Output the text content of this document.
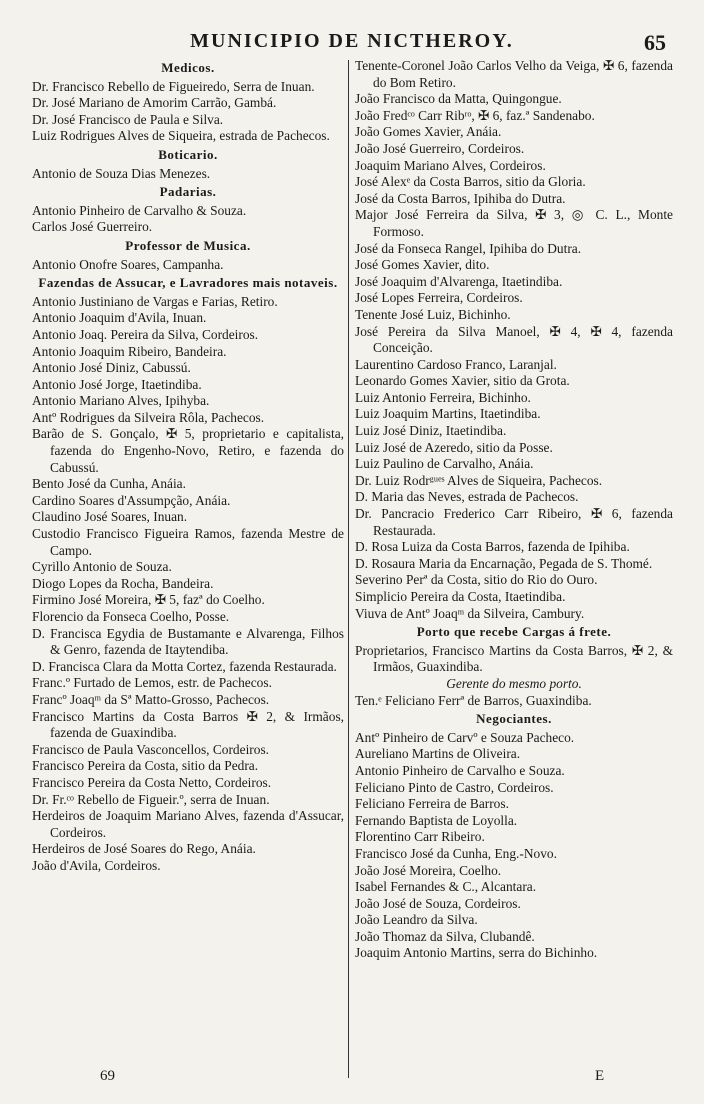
MUNICIPIO DE NICTHEROY.	65
Medicos.
Dr. Francisco Rebello de Figueiredo, Serra de Inuan.
Dr. José Mariano de Amorim Carrão, Gambá.
Dr. José Francisco de Paula e Silva.
Luiz Rodrigues Alves de Siqueira, estrada de Pachecos.
Boticario.
Antonio de Souza Dias Menezes.
Padarias.
Antonio Pinheiro de Carvalho & Souza.
Carlos José Guerreiro.
Professor de Musica.
Antonio Onofre Soares, Campanha.
Fazendas de Assucar, e Lavradores mais notaveis.
Antonio Justiniano de Vargas e Farias, Retiro.
Antonio Joaquim d'Avila, Inuan.
Antonio Joaq. Pereira da Silva, Cordeiros.
Antonio Joaquim Ribeiro, Bandeira.
Antonio José Diniz, Cabussú.
Antonio José Jorge, Itaetindiba.
Antonio Mariano Alves, Ipihyba.
Antº Rodrigues da Silveira Rôla, Pachecos.
Barão de S. Gonçalo, ✠ 5, proprietario e capitalista, fazenda do Engenho-Novo, Retiro, e fazenda do Cabussú.
Bento José da Cunha, Anáia.
Cardino Soares d'Assumpção, Anáia.
Claudino José Soares, Inuan.
Custodio Francisco Figueira Ramos, fazenda Mestre de Campo.
Cyrillo Antonio de Souza.
Diogo Lopes da Rocha, Bandeira.
Firmino José Moreira, ✠ 5, fazª do Coelho.
Florencio da Fonseca Coelho, Posse.
D. Francisca Egydia de Bustamante e Alvarenga, Filhos & Genro, fazenda de Itaytendiba.
D. Francisca Clara da Motta Cortez, fazenda Restaurada.
Franc.º Furtado de Lemos, estr. de Pachecos.
Francº Joaqᵐ da Sª Matto-Grosso, Pachecos.
Francisco Martins da Costa Barros ✠ 2, & Irmãos, fazenda de Guaxindiba.
Francisco de Paula Vasconcellos, Cordeiros.
Francisco Pereira da Costa, sitio da Pedra.
Francisco Pereira da Costa Netto, Cordeiros.
Dr. Fr.ᶜᵒ Rebello de Figueir.º, serra de Inuan.
Herdeiros de Joaquim Mariano Alves, fazenda d'Assucar, Cordeiros.
Herdeiros de José Soares do Rego, Anáia.
João d'Avila, Cordeiros.
Tenente-Coronel João Carlos Velho da Veiga, ✠ 6, fazenda do Bom Retiro.
João Francisco da Matta, Quingongue.
João Fredᶜᵒ Carr Ribʳᵒ, ✠ 6, faz.ª Sandenabo.
João Gomes Xavier, Anáia.
João José Guerreiro, Cordeiros.
Joaquim Mariano Alves, Cordeiros.
José Alexᵉ da Costa Barros, sitio da Gloria.
José da Costa Barros, Ipihiba do Dutra.
Major José Ferreira da Silva, ✠ 3, ◎ C. L., Monte Formoso.
José da Fonseca Rangel, Ipihiba do Dutra.
José Gomes Xavier, dito.
José Joaquim d'Alvarenga, Itaetindiba.
José Lopes Ferreira, Cordeiros.
Tenente José Luiz, Bichinho.
José Pereira da Silva Manoel, ✠ 4, ✠ 4, fazenda Conceição.
Laurentino Cardoso Franco, Laranjal.
Leonardo Gomes Xavier, sitio da Grota.
Luiz Antonio Ferreira, Bichinho.
Luiz Joaquim Martins, Itaetindiba.
Luiz José Diniz, Itaetindiba.
Luiz José de Azeredo, sitio da Posse.
Luiz Paulino de Carvalho, Anáia.
Dr. Luiz Rodrᵍᵘᵉˢ Alves de Siqueira, Pachecos.
D. Maria das Neves, estrada de Pachecos.
Dr. Pancracio Frederico Carr Ribeiro, ✠ 6, fazenda Restaurada.
D. Rosa Luiza da Costa Barros, fazenda de Ipihiba.
D. Rosaura Maria da Encarnação, Pegada de S. Thomé.
Severino Perª da Costa, sitio do Rio do Ouro.
Simplicio Pereira da Costa, Itaetindiba.
Viuva de Antº Joaqᵐ da Silveira, Cambury.
Porto que recebe Cargas á frete.
Proprietarios, Francisco Martins da Costa Barros, ✠ 2, & Irmãos, Guaxindiba.
Gerente do mesmo porto.
Ten.ᵉ Feliciano Ferrª de Barros, Guaxindiba.
Negociantes.
Antº Pinheiro de Carvº e Souza Pacheco.
Aureliano Martins de Oliveira.
Antonio Pinheiro de Carvalho e Souza.
Feliciano Pinto de Castro, Cordeiros.
Feliciano Ferreira de Barros.
Fernando Baptista de Loyolla.
Florentino Carr Ribeiro.
Francisco José da Cunha, Eng.-Novo.
João José Moreira, Coelho.
Isabel Fernandes & C., Alcantara.
João José de Souza, Cordeiros.
João Leandro da Silva.
João Thomaz da Silva, Clubandê.
Joaquim Antonio Martins, serra do Bichinho.
69	E
